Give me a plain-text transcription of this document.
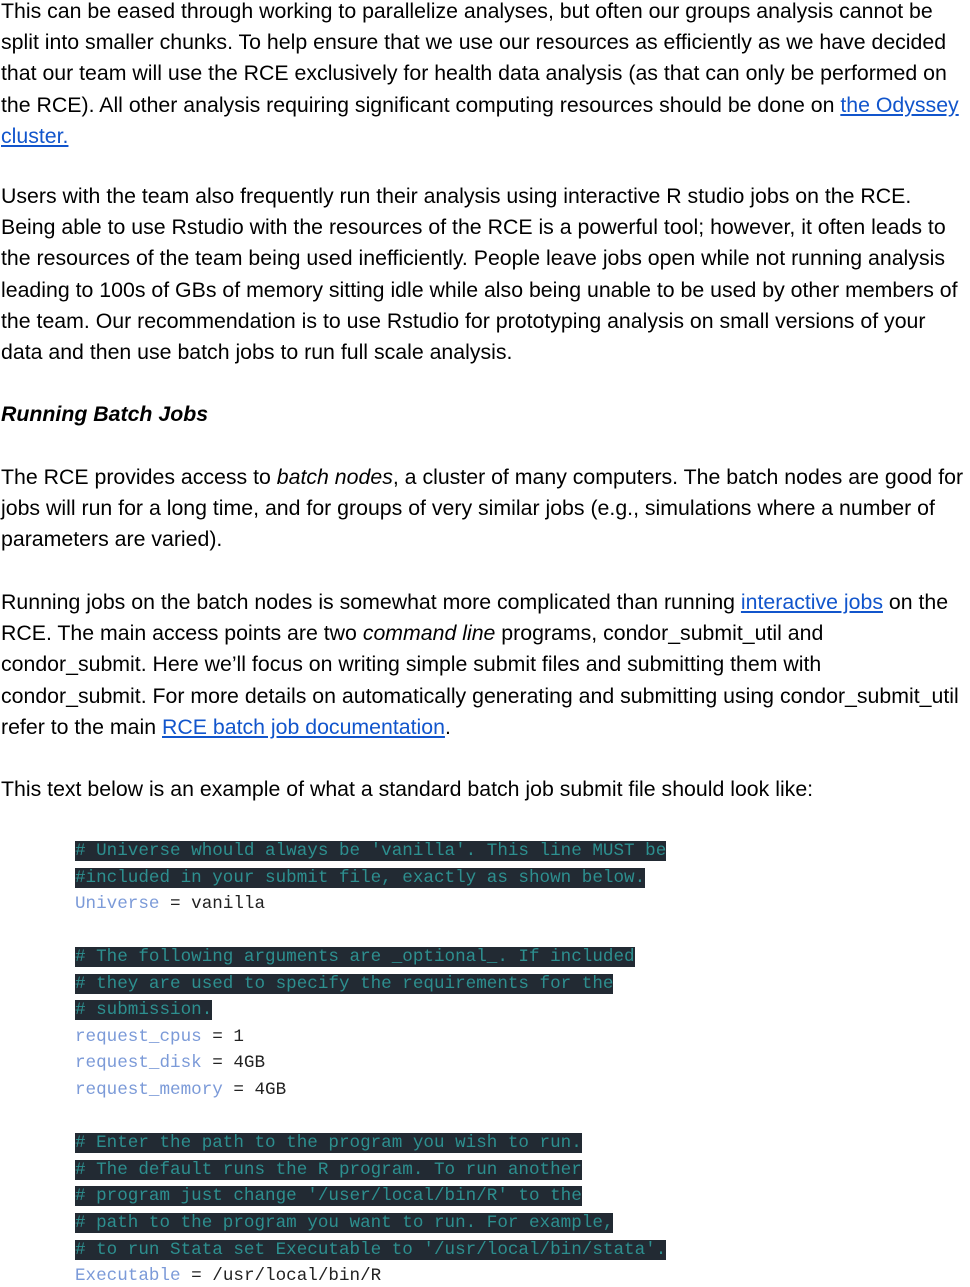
This can be eased through working to parallelize analyses, but often our groups analysis cannot be split into smaller chunks. To help ensure that we use our resources as efficiently as we have decided that our team will use the RCE exclusively for health data analysis (as that can only be performed on the RCE). All other analysis requiring significant computing resources should be done on the Odyssey cluster.

Users with the team also frequently run their analysis using interactive R studio jobs on the RCE. Being able to use Rstudio with the resources of the RCE is a powerful tool; however, it often leads to the resources of the team being used inefficiently. People leave jobs open while not running analysis leading to 100s of GBs of memory sitting idle while also being unable to be used by other members of the team. Our recommendation is to use Rstudio for prototyping analysis on small versions of your data and then use batch jobs to run full scale analysis.

Running Batch Jobs

The RCE provides access to batch nodes, a cluster of many computers. The batch nodes are good for jobs will run for a long time, and for groups of very similar jobs (e.g., simulations where a number of parameters are varied).

Running jobs on the batch nodes is somewhat more complicated than running interactive jobs on the RCE. The main access points are two command line programs, condor_submit_util and condor_submit. Here we’ll focus on writing simple submit files and submitting them with condor_submit. For more details on automatically generating and submitting using condor_submit_util refer to the main RCE batch job documentation.

This text below is an example of what a standard batch job submit file should look like:

# Universe whould always be 'vanilla'. This line MUST be
#included in your submit file, exactly as shown below.
Universe = vanilla
# The following arguments are _optional_. If included
# they are used to specify the requirements for the
# submission.
request_cpus = 1
request_disk = 4GB
request_memory = 4GB
# Enter the path to the program you wish to run.
# The default runs the R program. To run another
# program just change '/user/local/bin/R' to the
# path to the program you want to run. For example,
# to run Stata set Executable to '/usr/local/bin/stata'.
Executable = /usr/local/bin/R
